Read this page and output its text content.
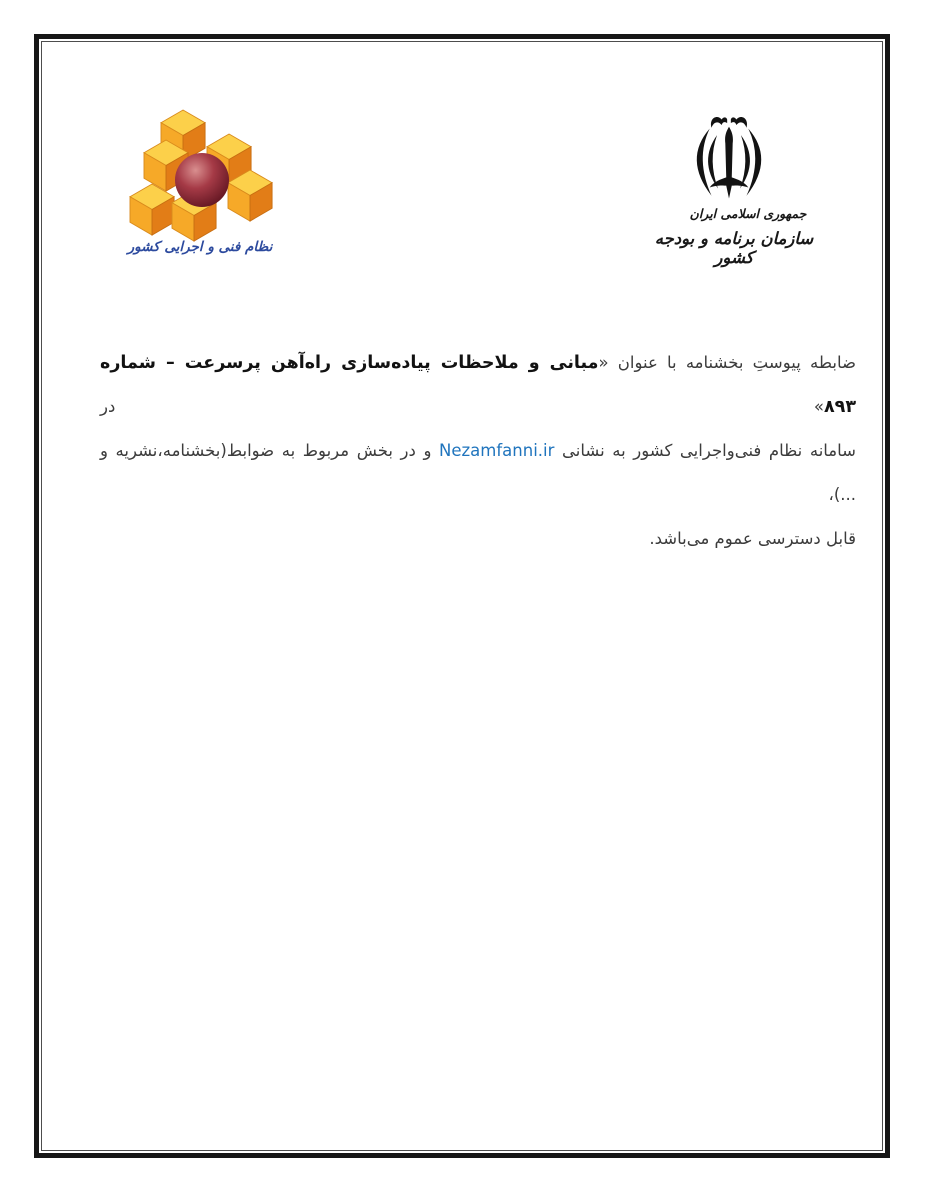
نظام فنی و اجرایی کشور
جمهوری اسلامی ایران
سازمان برنامه و بودجه کشور
ضابطه پیوستِ بخشنامه با عنوان «مبانی و ملاحظات پیاده‌سازی راه‌آهن پرسرعت – شماره ۸۹۳» در
سامانه نظام فنی‌واجرایی کشور به نشانی Nezamfanni.ir و در بخش مربوط به ضوابط(بخشنامه،نشریه و ...)،
قابل دسترسی عموم می‌باشد.
